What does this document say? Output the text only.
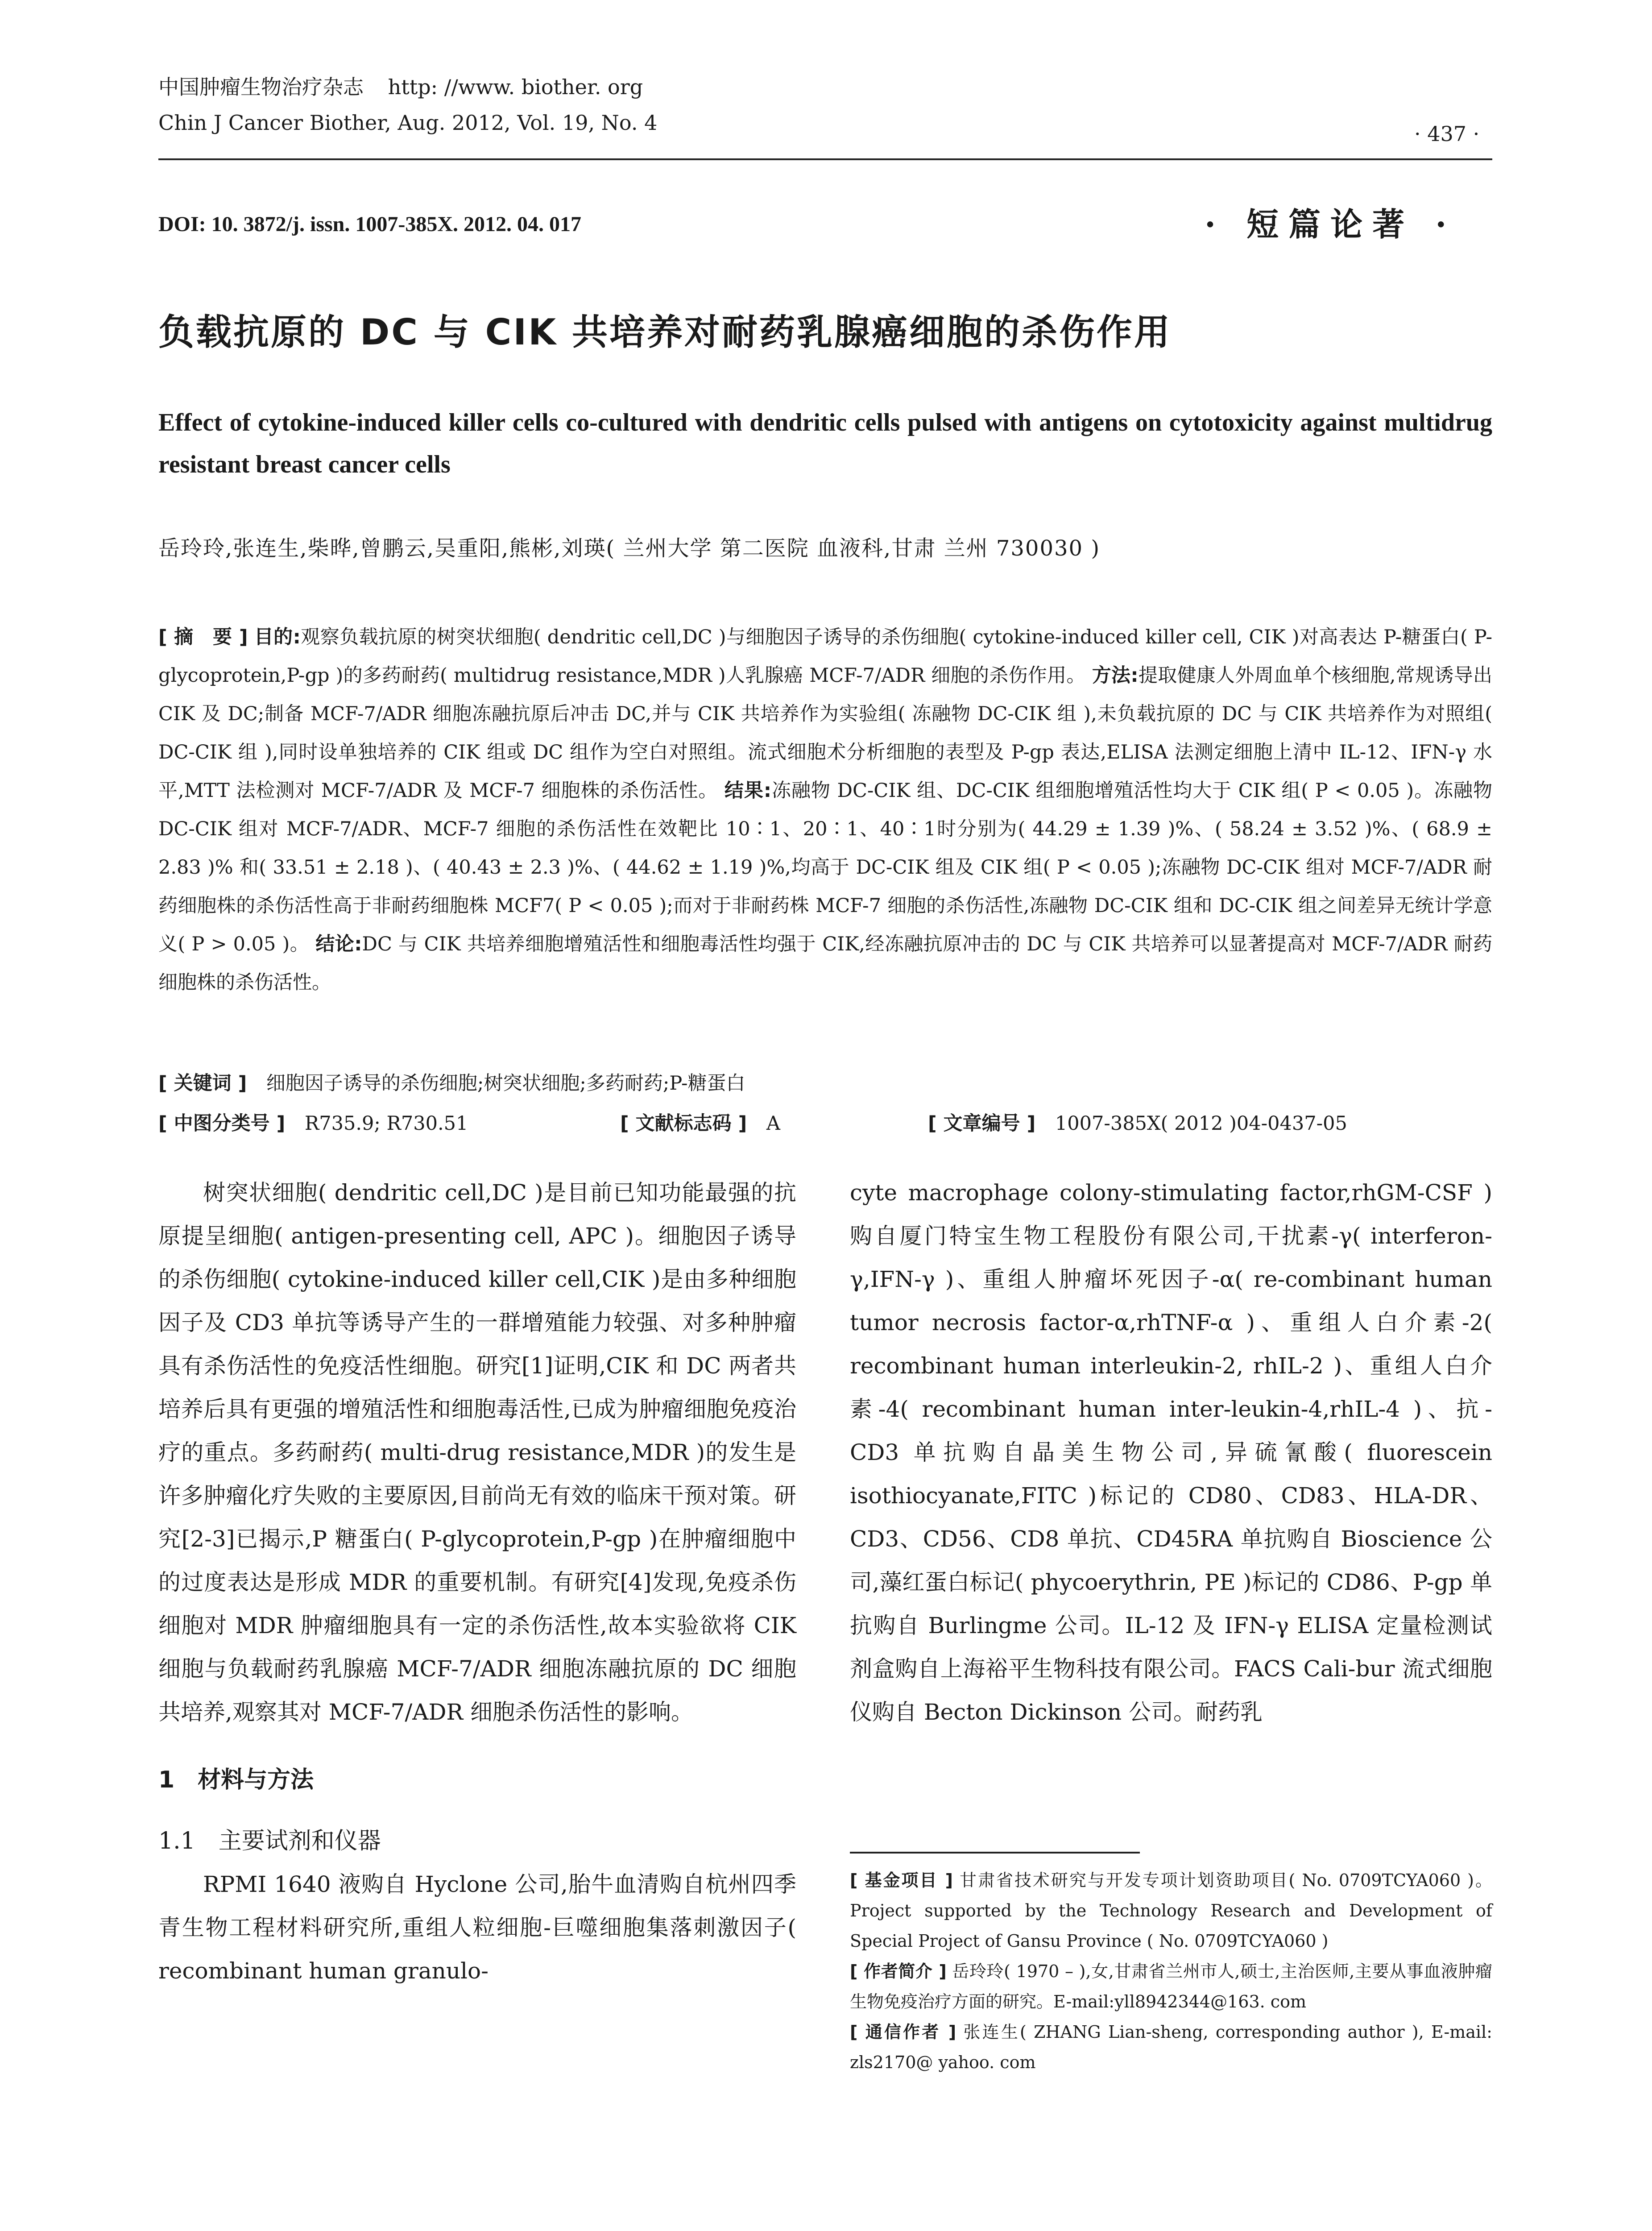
中国肿瘤生物治疗杂志 http: //www. biother. org
Chin J Cancer Biother, Aug. 2012, Vol. 19, No. 4	· 437 ·
DOI: 10. 3872/j. issn. 1007-385X. 2012. 04. 017	· 短篇论著 ·
负载抗原的 DC 与 CIK 共培养对耐药乳腺癌细胞的杀伤作用
Effect of cytokine-induced killer cells co-cultured with dendritic cells pulsed with antigens on cytotoxicity against multidrug resistant breast cancer cells
岳玲玲,张连生,柴晔,曾鹏云,吴重阳,熊彬,刘瑛( 兰州大学 第二医院 血液科,甘肃 兰州 730030 )
[ 摘　要 ] 目的:观察负载抗原的树突状细胞( dendritic cell,DC )与细胞因子诱导的杀伤细胞( cytokine-induced killer cell, CIK )对高表达 P-糖蛋白( P-glycoprotein,P-gp )的多药耐药( multidrug resistance,MDR )人乳腺癌 MCF-7/ADR 细胞的杀伤作用。 方法:提取健康人外周血单个核细胞,常规诱导出 CIK 及 DC;制备 MCF-7/ADR 细胞冻融抗原后冲击 DC,并与 CIK 共培养作为实验组( 冻融物 DC-CIK 组 ),未负载抗原的 DC 与 CIK 共培养作为对照组( DC-CIK 组 ),同时设单独培养的 CIK 组或 DC 组作为空白对照组。流式细胞术分析细胞的表型及 P-gp 表达,ELISA 法测定细胞上清中 IL-12、IFN-γ 水平,MTT 法检测对 MCF-7/ADR 及 MCF-7 细胞株的杀伤活性。 结果:冻融物 DC-CIK 组、DC-CIK 组细胞增殖活性均大于 CIK 组( P < 0.05 )。冻融物 DC-CIK 组对 MCF-7/ADR、MCF-7 细胞的杀伤活性在效靶比 10∶1、20∶1、40∶1时分别为( 44.29 ± 1.39 )%、( 58.24 ± 3.52 )%、( 68.9 ± 2.83 )% 和( 33.51 ± 2.18 )、( 40.43 ± 2.3 )%、( 44.62 ± 1.19 )%,均高于 DC-CIK 组及 CIK 组( P < 0.05 );冻融物 DC-CIK 组对 MCF-7/ADR 耐药细胞株的杀伤活性高于非耐药细胞株 MCF7( P < 0.05 );而对于非耐药株 MCF-7 细胞的杀伤活性,冻融物 DC-CIK 组和 DC-CIK 组之间差异无统计学意义( P > 0.05 )。 结论:DC 与 CIK 共培养细胞增殖活性和细胞毒活性均强于 CIK,经冻融抗原冲击的 DC 与 CIK 共培养可以显著提高对 MCF-7/ADR 耐药细胞株的杀伤活性。
[ 关键词 ] 细胞因子诱导的杀伤细胞;树突状细胞;多药耐药;P-糖蛋白
[ 中图分类号 ] R735.9; R730.51	[ 文献标志码 ] A	[ 文章编号 ] 1007-385X( 2012 )04-0437-05

树突状细胞( dendritic cell,DC )是目前已知功能最强的抗原提呈细胞( antigen-presenting cell, APC )。细胞因子诱导的杀伤细胞( cytokine-induced killer cell,CIK )是由多种细胞因子及 CD3 单抗等诱导产生的一群增殖能力较强、对多种肿瘤具有杀伤活性的免疫活性细胞。研究[1]证明,CIK 和 DC 两者共培养后具有更强的增殖活性和细胞毒活性,已成为肿瘤细胞免疫治疗的重点。多药耐药( multi-drug resistance,MDR )的发生是许多肿瘤化疗失败的主要原因,目前尚无有效的临床干预对策。研究[2-3]已揭示,P 糖蛋白( P-glycoprotein,P-gp )在肿瘤细胞中的过度表达是形成 MDR 的重要机制。有研究[4]发现,免疫杀伤细胞对 MDR 肿瘤细胞具有一定的杀伤活性,故本实验欲将 CIK 细胞与负载耐药乳腺癌 MCF-7/ADR 细胞冻融抗原的 DC 细胞共培养,观察其对 MCF-7/ADR 细胞杀伤活性的影响。

1　材料与方法
1.1　主要试剂和仪器

RPMI 1640 液购自 Hyclone 公司,胎牛血清购自杭州四季青生物工程材料研究所,重组人粒细胞-巨噬细胞集落刺激因子( recombinant human granulo-

cyte macrophage colony-stimulating factor,rhGM-CSF )购自厦门特宝生物工程股份有限公司,干扰素-γ( interferon-γ,IFN-γ )、重组人肿瘤坏死因子-α( re-combinant human tumor necrosis factor-α,rhTNF-α )、重组人白介素-2( recombinant human interleukin-2, rhIL-2 )、重组人白介素-4( recombinant human inter-leukin-4,rhIL-4 )、抗-CD3 单抗购自晶美生物公司,异硫氰酸( fluorescein isothiocyanate,FITC )标记的 CD80、CD83、HLA-DR、CD3、CD56、CD8 单抗、CD45RA 单抗购自 Bioscience 公司,藻红蛋白标记( phycoerythrin, PE )标记的 CD86、P-gp 单抗购自 Burlingme 公司。IL-12 及 IFN-γ ELISA 定量检测试剂盒购自上海裕平生物科技有限公司。FACS Cali-bur 流式细胞仪购自 Becton Dickinson 公司。耐药乳

[ 基金项目 ] 甘肃省技术研究与开发专项计划资助项目( No. 0709TCYA060 )。Project supported by the Technology Research and Development of Special Project of Gansu Province ( No. 0709TCYA060 )
[ 作者简介 ] 岳玲玲( 1970 – ),女,甘肃省兰州市人,硕士,主治医师,主要从事血液肿瘤生物免疫治疗方面的研究。E-mail:yll8942344@163. com
[ 通信作者 ] 张连生( ZHANG Lian-sheng, corresponding author ), E-mail: zls2170@ yahoo. com
